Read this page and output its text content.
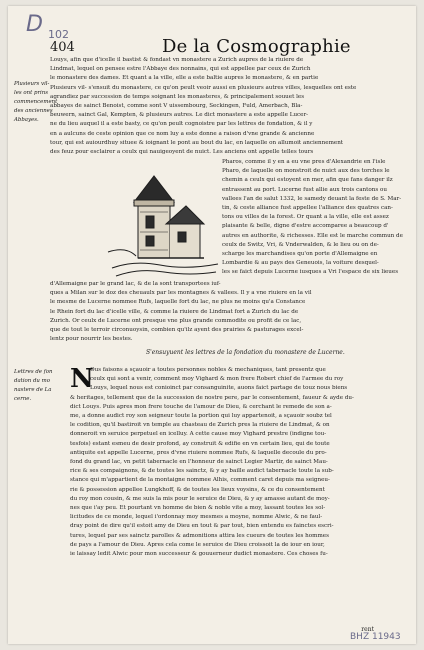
D 102
404	De la Cosmographie
Louys, afin que d'icelle il bastist & fondast vn monastere a Zurich aupres de la riuiere de
Lindmat, lequel on pensee estre l'Abbaye des nonnains, qui est appellee par ceux de Zurich
le monastere des dames. Et quant a la ville, elle a este baltie aupres le monastere, & en partie
Plusieurs vil- s'ensuit du monastere, ce qu'on peult veoir aussi en plusieurs autres villes, lesquelles ont este
agrandiez par succession de temps soignant les monasteres, & principalement souuet les
abbayes de sainct Benoist, comme sont V uissembourg, Seckingen, Fuld, Amerbach, Bla-
beuwern, sainct Gal, Kempten, & plusieurs autres. Le dict monastere a este appelle Lucer-
ne du lieu auquel il a este basty, ce qu'on peult cognoistre par les lettres de fondation, & il y
en a aulcuns de ceste opinion que ce nom luy a este donne a raison d'vne grande & ancienne
tour, qui est auiourdhuy situee & ioignant le pont au bout du lac, en laquelle on allumoit anciennement
des feuz pour esclairer a ceulx qui nauigeoyent de nuict. Les anciens ont appelle telles tours
Plusieurs vil-
les ont prins
commencement
des anciennes
Abbayes.
Pharos, comme il y en a eu vne pres d'Alexandrie en l'isle
Pharo, de laquelle on monstroit de nuict aux des torches le
chemin a ceulx qui estoyent en mer, afin que fans danger ilz
entrassent au port. Lucerne fust allie aux trois cantons ou
vallees l'an de salut 1332, le samedy deuant la feste de S. Mar-
tin, & ceste alliance fust appellee l'alliance des quatres can-
tons ou villes de la forest. Or quant a la ville, elle est assez
plaisante & belle, digne d'estre accomparee a beaucoup d'
autres en authorite, & richesses. Elle est le marche commun de
ceulx de Switz, Vri, & Vnderwalden, & le lieu ou on de-
scharge les marchandises qu'on porte d'Allemaigne en
Lombardie & au pays des Geneuois, la voiture desquel-
les se faict depuis Lucerne iusques a Vri l'espace de six lieues
d'Allemaigne par le grand lac, & de la sont transportees iuf-
ques a Milan sur le doz des cheuaulx par les montagnes & vallees. Il y a vne riuiere en la vil
le mesme de Lucerne nommee Rufs, laquelle fort du lac, ne plus ne moins qu'a Constance
le Rhein fort du lac d'icelle ville, & comme la riuiere de Lindmat fort a Zurich du lac de
Zurich. Or ceulx de Lucerne ont presque vne plus grande commodite ou profit de ce lac,
que de tout le terroir circonuoysin, combien qu'ilz ayent des prairies & pasturages excel-
lentz pour nourrir les bestes.
S'ensuyuent les lettres de la fondation du monastere de Lucerne.
Lettres de fon
dation du mo
nastere de La
cerne.
N
Ous faisons a sçauoir a toutes personnes nobles & mechaniques, tant presentz que
ceulx qui sont a venir, comment moy Vighard & mon frere Robert chief de l'armee du roy
Louys, lequel nous est conioinct par consanguinite, auons faict partage de touz nous biens
& heritages, tellement que de la succession de nostre pere, par le consentement, faueur & ayde du-
dict Louys. Puis apres mon frere touche de l'amour de Dieu, & cerchant le remede de son a-
me, a donne audict roy son seigneur toute la portion qui luy appartenoit, a sçauoir soubz tel
le codition, qu'il bastiroit vn temple au chasteau de Zurich pres la riuiere de Lindmat, & on
donneroit vn seruice perpetuel en icelluy. A cette cause moy Vighard prestre (indigne tou-
tesfois) estant esmeu de desir profond, ay construit & edifie en vn certain lieu, qui de toute
antiquite est appelle Lucerne, pres d'vne riuiere nommee Rufs, & laquelle decoule du pro-
fond du grand lac, vn petit tabernacle en l'honneur de sainct Legier Martir, de sainct Mau-
rice & ses compaignons, & de toutes les sainctz, & y ay baille audict tabernacle toute la sub-
stance qui m'appartient de la montaigne nommee Alhis, comment caret depuis ma seigneu-
rie & possession appellee Lungkhoff, & de toutes les lieux voysins, & ce du consentement
du roy mon cousin, & me suis la mis pour le seruice de Dieu, & y ay amasse autant de moy-
nes que i'ay peu. Et pourtant vn homme de bien & noble vite a moy, lassant toutes les sol-
licitudes de ce monde, lequel i'ordonnay moy mesmes a moyne, nomme Alwic, & ne faul-
dray point de dire qu'il estoit amy de Dieu en tout & par tout, bien entendu es fainctes escri-
tures, lequel par ses sainctz parolles & admonitions attira les cueurs de toutes les hommes
de pays a l'amour de Dieu. Apres cela come le seruice de Dieu croissoit la de iour en iour,
ie laissay ledit Alwic pour mon successeur & gouuerneur dudict monastere. Ces choses fu-
rent
BHZ 11943
